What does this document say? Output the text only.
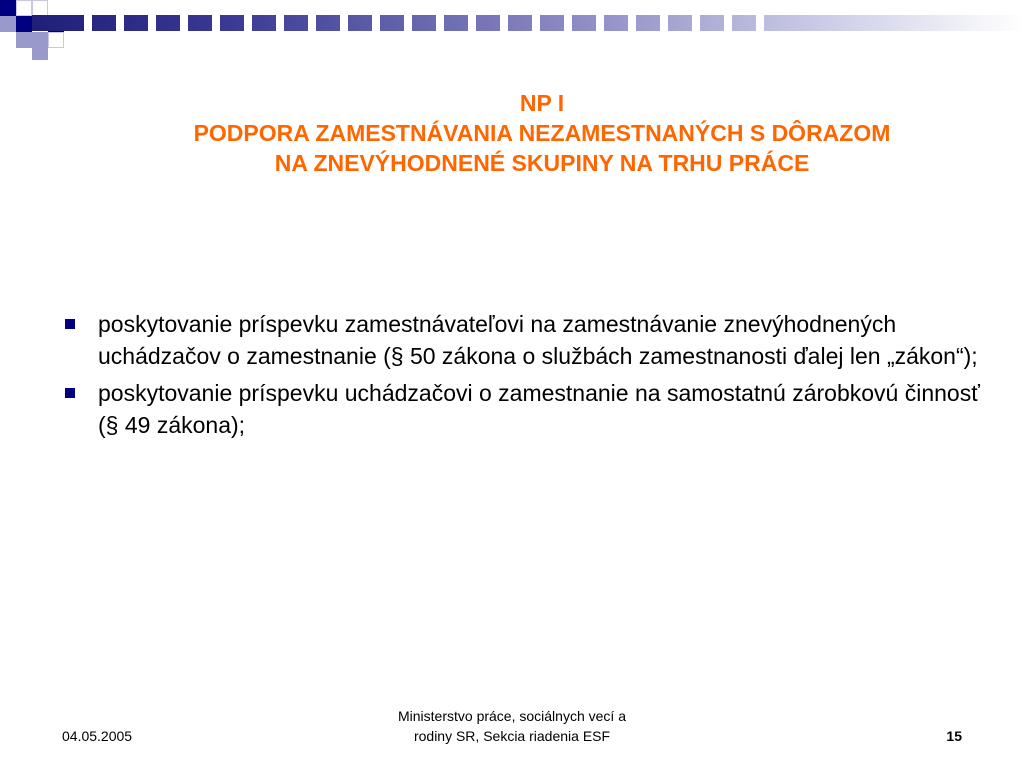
NP I
PODPORA ZAMESTNÁVANIA NEZAMESTNANÝCH S DÔRAZOM
NA ZNEVÝHODNENÉ SKUPINY NA TRHU PRÁCE
poskytovanie príspevku zamestnávateľovi na zamestnávanie znevýhodnených uchádzačov o zamestnanie (§ 50 zákona o službách zamestnanosti ďalej len „zákon“);
poskytovanie príspevku uchádzačovi o zamestnanie na samostatnú zárobkovú činnosť (§ 49 zákona);
04.05.2005
Ministerstvo práce, sociálnych vecí a
rodiny SR, Sekcia riadenia ESF	15
